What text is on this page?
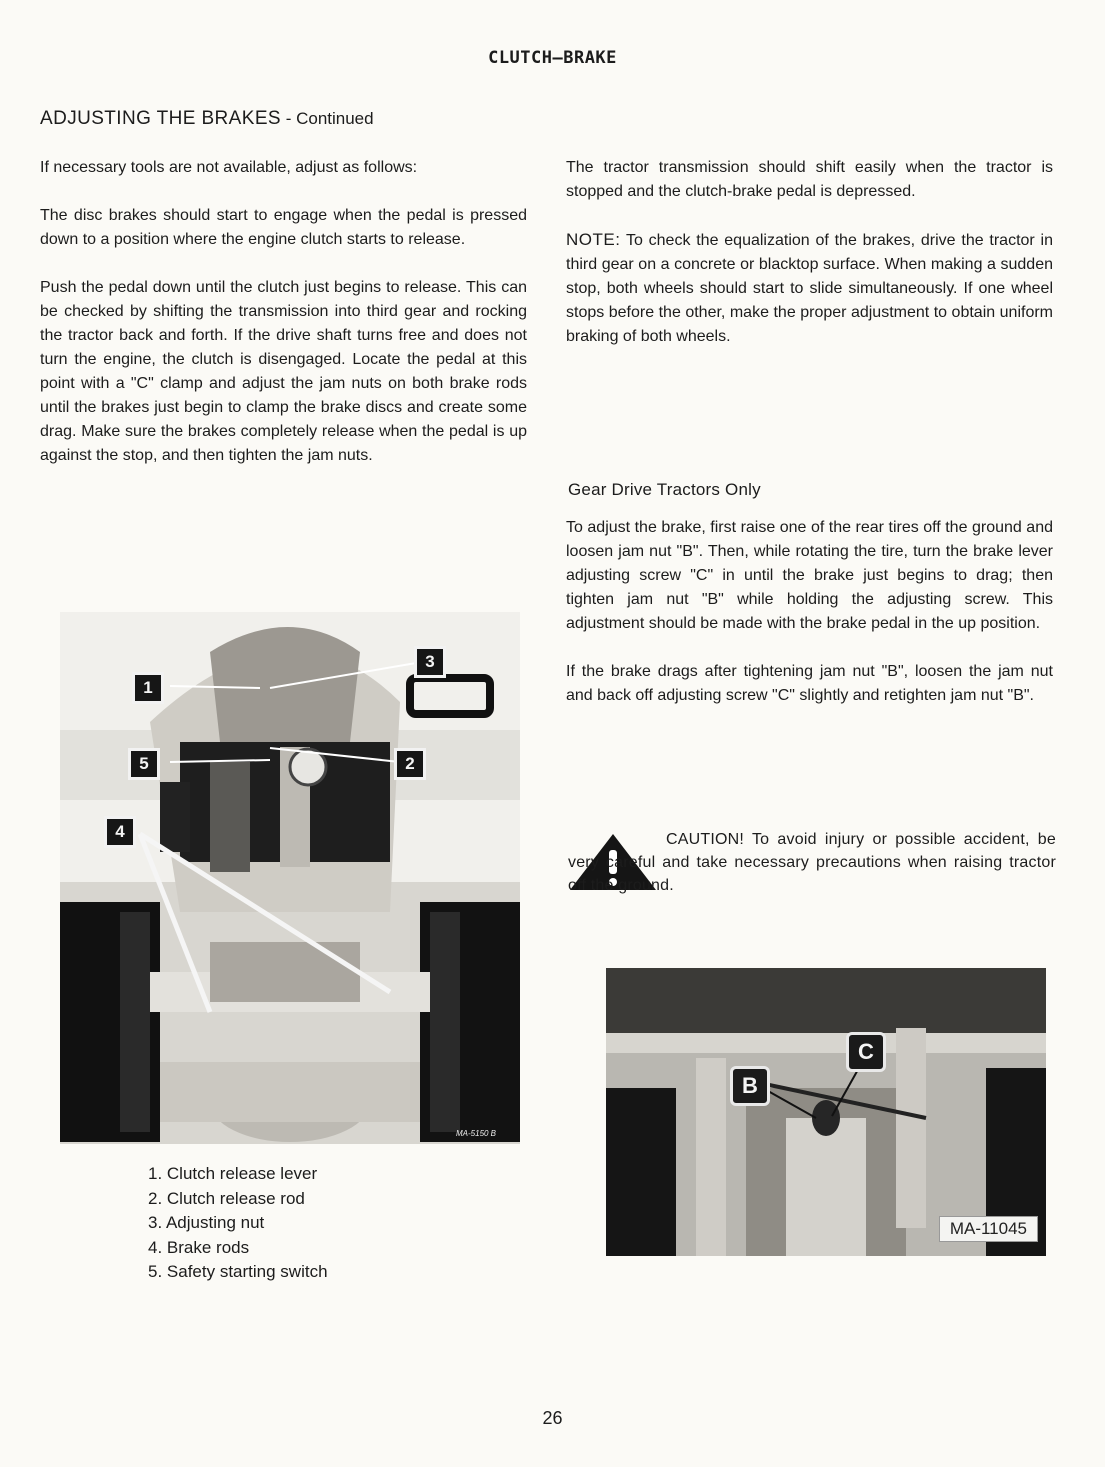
CLUTCH–BRAKE
ADJUSTING THE BRAKES - Continued

If necessary tools are not available, adjust as follows:

The disc brakes should start to engage when the pedal is pressed down to a position where the engine clutch starts to release.

Push the pedal down until the clutch just begins to release. This can be checked by shifting the transmission into third gear and rocking the tractor back and forth. If the drive shaft turns free and does not turn the engine, the clutch is disengaged. Locate the pedal at this point with a "C" clamp and adjust the jam nuts on both brake rods until the brakes just begin to clamp the brake discs and create some drag. Make sure the brakes completely release when the pedal is up against the stop, and then tighten the jam nuts.

1
3
5	2
4
MA-5150 B
1. Clutch release lever
2. Clutch release rod
3. Adjusting nut
4. Brake rods
5. Safety starting switch

The tractor transmission should shift easily when the tractor is stopped and the clutch-brake pedal is depressed.

NOTE: To check the equalization of the brakes, drive the tractor in third gear on a concrete or blacktop surface. When making a sudden stop, both wheels should start to slide simultaneously. If one wheel stops before the other, make the proper adjustment to obtain uniform braking of both wheels.

Gear Drive Tractors Only

To adjust the brake, first raise one of the rear tires off the ground and loosen jam nut "B". Then, while rotating the tire, turn the brake lever adjusting screw "C" in until the brake just begins to drag; then tighten jam nut "B" while holding the adjusting screw. This adjustment should be made with the brake pedal in the up position.

If the brake drags after tightening jam nut "B", loosen the jam nut and back off adjusting screw "C" slightly and retighten jam nut "B".

CAUTION! To avoid injury or possible accident, be very careful and take necessary precautions when raising tractor off the ground.
B
C
MA-11045
26
